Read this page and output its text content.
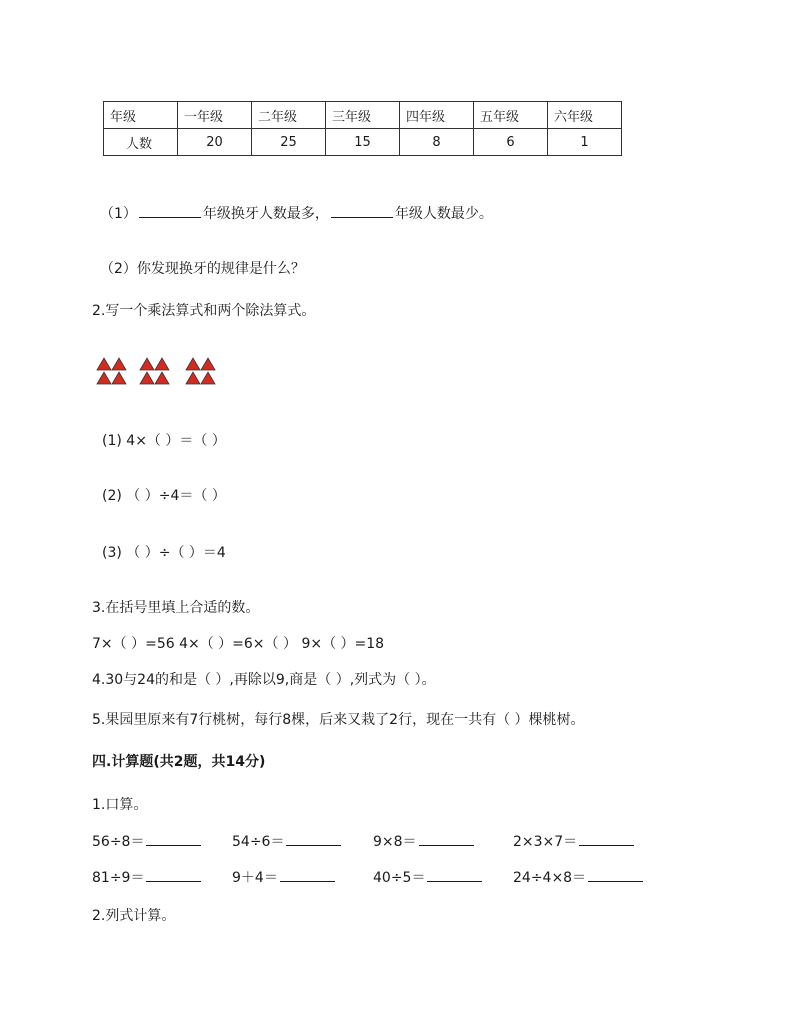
年级	一年级	二年级	三年级	四年级	五年级	六年级
人数	20	25	15	8	6	1
（1）	年级换牙人数最多，	年级人数最少。
（2）你发现换牙的规律是什么？
2.写一个乘法算式和两个除法算式。
(1) 4×（ ）＝（ ）
(2) （ ）÷4＝（ ）
(3) （ ）÷（ ）＝4
3.在括号里填上合适的数。
7×（ ）=56 4×（ ）=6×（ ） 9×（ ）=18
4.30与24的和是（ ）,再除以9,商是（ ）,列式为（ ）。
5.果园里原来有7行桃树，每行8棵，后来又栽了2行，现在一共有（ ）棵桃树。
四.计算题(共2题，共14分)
1.口算。
56÷8＝	54÷6＝	9×8＝	2×3×7＝
81÷9＝	9＋4＝	40÷5＝	24÷4×8＝
2.列式计算。
